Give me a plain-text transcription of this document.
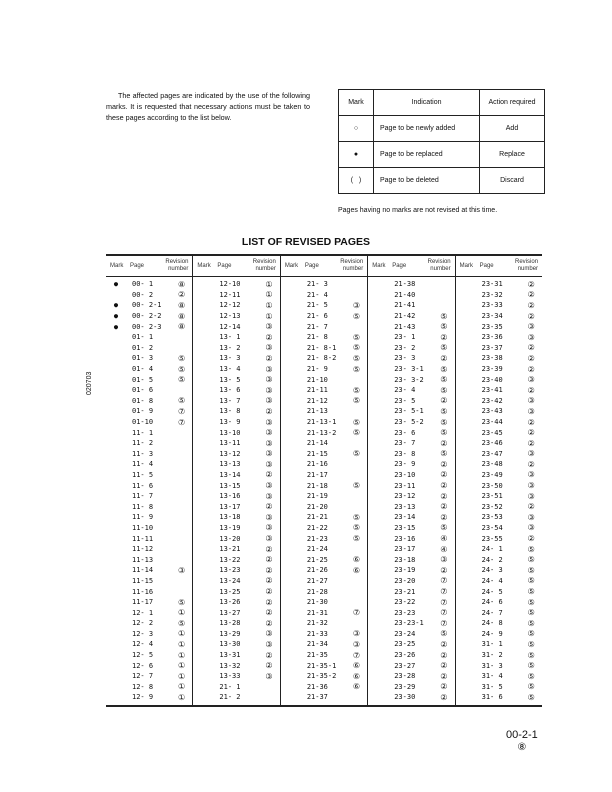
The affected pages are indicated by the use of the following marks. It is requested that necessary actions must be taken to these pages according to the list below.

Mark	Indication	Action required
○	Page to be newly added	Add
●	Page to be replaced	Replace
(   )	Page to be deleted	Discard
Pages having no marks are not revised at this time.
LIST OF REVISED PAGES
Mark	Page
Revision number
●	00- 1	⑧
00- 2	②
●	00- 2-1	⑧
●	00- 2-2	⑧
●	00- 2-3	⑧
01- 1
01- 2
01- 3	⑤
01- 4	⑤
01- 5	⑤
01- 6
01- 8	⑤
01- 9	⑦
01-10	⑦
11- 1
11- 2
11- 3
11- 4
11- 5
11- 6
11- 7
11- 8
11- 9
11-10
11-11
11-12
11-13
11-14	③
11-15
11-16
11-17	⑤
12- 1	①
12- 2	⑤
12- 3	①
12- 4	①
12- 5	①
12- 6	①
12- 7	①
12- 8	①
12- 9	①
Mark	Page
Revision number
12-10	①
12-11	①
12-12	①
12-13	①
12-14	③
13- 1	②
13- 2	③
13- 3	②
13- 4	③
13- 5	③
13- 6	③
13- 7	③
13- 8	②
13- 9	③
13-10	③
13-11	③
13-12	③
13-13	③
13-14	②
13-15	③
13-16	③
13-17	②
13-18	③
13-19	③
13-20	③
13-21	②
13-22	②
13-23	②
13-24	②
13-25	②
13-26	②
13-27	②
13-28	②
13-29	③
13-30	③
13-31	②
13-32	②
13-33	③
21- 1
21- 2
Mark	Page
Revision number
21- 3
21- 4
21- 5	③
21- 6	⑤
21- 7
21- 8	⑤
21- 8-1	⑤
21- 8-2	⑤
21- 9	⑤
21-10
21-11	⑤
21-12	⑤
21-13
21-13-1	⑤
21-13-2	⑤
21-14
21-15	⑤
21-16
21-17
21-18	⑤
21-19
21-20
21-21	⑤
21-22	⑤
21-23	⑤
21-24
21-25	⑥
21-26	⑥
21-27
21-28
21-30
21-31	⑦
21-32
21-33	③
21-34	③
21-35	⑦
21-35-1	⑥
21-35-2	⑥
21-36	⑥
21-37
Mark	Page
Revision number
21-38
21-40
21-41
21-42	⑤
21-43	⑤
23- 1	②
23- 2	⑤
23- 3	②
23- 3-1	⑤
23- 3-2	⑤
23- 4	⑤
23- 5	②
23- 5-1	⑤
23- 5-2	⑤
23- 6	⑤
23- 7	②
23- 8	⑤
23- 9	②
23-10	②
23-11	②
23-12	②
23-13	②
23-14	②
23-15	⑤
23-16	④
23-17	④
23-18	③
23-19	②
23-20	⑦
23-21	⑦
23-22	⑦
23-23	⑦
23-23-1	⑦
23-24	⑤
23-25	②
23-26	②
23-27	②
23-28	②
23-29	②
23-30	②
Mark	Page
Revision number
23-31	②
23-32	②
23-33	②
23-34	②
23-35	③
23-36	③
23-37	②
23-38	②
23-39	②
23-40	③
23-41	②
23-42	③
23-43	③
23-44	②
23-45	②
23-46	②
23-47	③
23-48	②
23-49	③
23-50	③
23-51	③
23-52	②
23-53	③
23-54	③
23-55	②
24- 1	⑤
24- 2	⑤
24- 3	⑤
24- 4	⑤
24- 5	⑤
24- 6	⑤
24- 7	⑤
24- 8	⑤
24- 9	⑤
31- 1	⑤
31- 2	⑤
31- 3	⑤
31- 4	⑤
31- 5	⑤
31- 6	⑤
020703
00-2-1
⑧
